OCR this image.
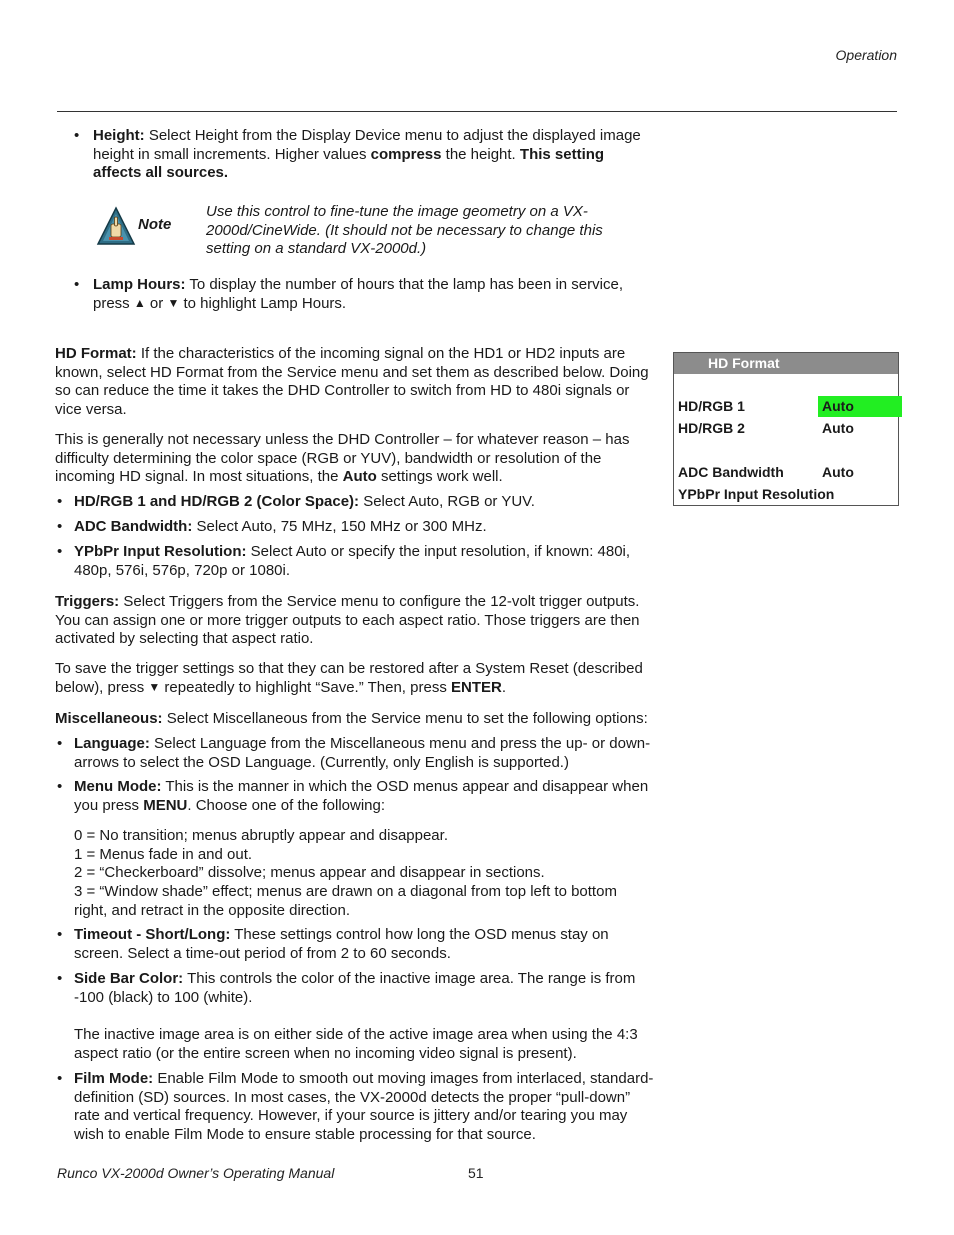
Operation
• Height: Select Height from the Display Device menu to adjust the displayed image height in small increments. Higher values compress the height. This setting affects all sources.

Note

Use this control to fine-tune the image geometry on a VX-2000d/CineWide. (It should not be necessary to change this setting on a standard VX-2000d.)

• Lamp Hours: To display the number of hours that the lamp has been in service, press ▲ or ▼ to highlight Lamp Hours.

HD Format: If the characteristics of the incoming signal on the HD1 or HD2 inputs are known, select HD Format from the Service menu and set them as described below. Doing so can reduce the time it takes the DHD Controller to switch from HD to 480i signals or vice versa.

This is generally not necessary unless the DHD Controller – for whatever reason – has difficulty determining the color space (RGB or YUV), bandwidth or resolution of the incoming HD signal. In most situations, the Auto settings work well.

• HD/RGB 1 and HD/RGB 2 (Color Space): Select Auto, RGB or YUV.

• ADC Bandwidth: Select Auto, 75 MHz, 150 MHz or 300 MHz.

• YPbPr Input Resolution: Select Auto or specify the input resolution, if known: 480i, 480p, 576i, 576p, 720p or 1080i.

HD Format
HD/RGB 1	Auto
HD/RGB 2	Auto
ADC Bandwidth	Auto
YPbPr Input Resolution

Triggers: Select Triggers from the Service menu to configure the 12-volt trigger outputs. You can assign one or more trigger outputs to each aspect ratio. Those triggers are then activated by selecting that aspect ratio.

To save the trigger settings so that they can be restored after a System Reset (described below), press ▼ repeatedly to highlight “Save.” Then, press ENTER.

Miscellaneous: Select Miscellaneous from the Service menu to set the following options:

• Language: Select Language from the Miscellaneous menu and press the up- or down-arrows to select the OSD Language. (Currently, only English is supported.)

• Menu Mode: This is the manner in which the OSD menus appear and disappear when you press MENU. Choose one of the following:

0 = No transition; menus abruptly appear and disappear.

1 = Menus fade in and out.

2 = “Checkerboard” dissolve; menus appear and disappear in sections.

3 = “Window shade” effect; menus are drawn on a diagonal from top left to bottom right, and retract in the opposite direction.

• Timeout - Short/Long: These settings control how long the OSD menus stay on screen. Select a time-out period of from 2 to 60 seconds.

• Side Bar Color: This controls the color of the inactive image area. The range is from -100 (black) to 100 (white).

The inactive image area is on either side of the active image area when using the 4:3 aspect ratio (or the entire screen when no incoming video signal is present).

• Film Mode: Enable Film Mode to smooth out moving images from interlaced, standard-definition (SD) sources. In most cases, the VX-2000d detects the proper “pull-down” rate and vertical frequency. However, if your source is jittery and/or tearing you may wish to enable Film Mode to ensure stable processing for that source.

Runco VX-2000d Owner’s Operating Manual	51
